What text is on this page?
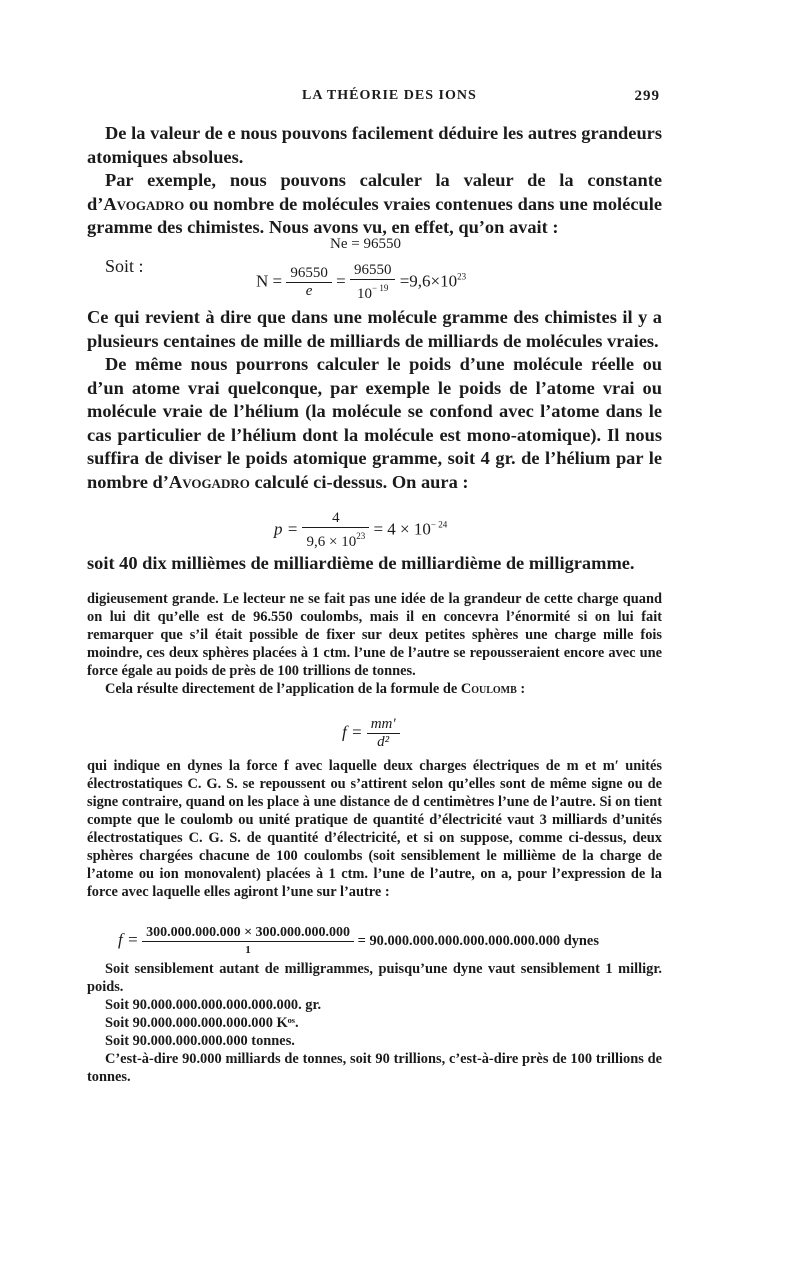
LA THÉORIE DES IONS	299

De la valeur de e nous pouvons facilement déduire les autres grandeurs atomiques absolues.

Par exemple, nous pouvons calculer la valeur de la constante d’Avogadro ou nombre de molécules vraies contenues dans une molécule gramme des chimistes. Nous avons vu, en effet, qu’on avait :

Soit :
Ne = 96550
$N = \frac{96550}{e} = \frac{96550}{10^{- 19}} =9,6\times 10^{23}$

Ce qui revient à dire que dans une molécule gramme des chimistes il y a plusieurs centaines de mille de milliards de milliards de molécules vraies.

De même nous pourrons calculer le poids d’une molécule réelle ou d’un atome vrai quelconque, par exemple le poids de l’atome vrai ou molécule vraie de l’hélium (la molécule se confond avec l’atome dans le cas particulier de l’hélium dont la molécule est mono-atomique). Il nous suffira de diviser le poids atomique gramme, soit 4 gr. de l’hélium par le nombre d’Avogadro calculé ci-dessus. On aura :

$p = \frac{4}{9,6 \times 10^{23}} = 4 \times 10^{- 24}$

soit 40 dix millièmes de milliardième de milliardième de milligramme.

digieusement grande. Le lecteur ne se fait pas une idée de la grandeur de cette charge quand on lui dit qu’elle est de 96.550 coulombs, mais il en concevra l’énormité si on lui fait remarquer que s’il était possible de fixer sur deux petites sphères une charge mille fois moindre, ces deux sphères placées à 1 ctm. l’une de l’autre se repousseraient encore avec une force égale au poids de près de 100 trillions de tonnes.

Cela résulte directement de l’application de la formule de Coulomb :

$f = \frac{mm'}{\text{d²}}$

qui indique en dynes la force f avec laquelle deux charges électriques de m et m′ unités électrostatiques C. G. S. se repoussent ou s’attirent selon qu’elles sont de même signe ou de signe contraire, quand on les place à une distance de d centimètres l’une de l’autre. Si on tient compte que le coulomb ou unité pratique de quantité d’électricité vaut 3 milliards d’unités électrostatiques C. G. S. de quantité d’électricité, et si on suppose, comme ci-dessus, deux sphères chargées chacune de 100 coulombs (soit sensiblement le millième de la charge de l’atome ou ion monovalent) placées à 1 ctm. l’une de l’autre, on a, pour l’expression de la force avec laquelle elles agiront l’une sur l’autre :

$f = \frac{300.000.000.000 \times 300.000.000.000}{1} = 90.000.000.000.000.000.000.000$ dynes

Soit sensiblement autant de milligrammes, puisqu’une dyne vaut sensiblement 1 milligr. poids.

Soit 90.000.000.000.000.000.000. gr.

Soit 90.000.000.000.000.000 Kᵒˢ.

Soit 90.000.000.000.000 tonnes.

C’est-à-dire 90.000 milliards de tonnes, soit 90 trillions, c’est-à-dire près de 100 trillions de tonnes.
